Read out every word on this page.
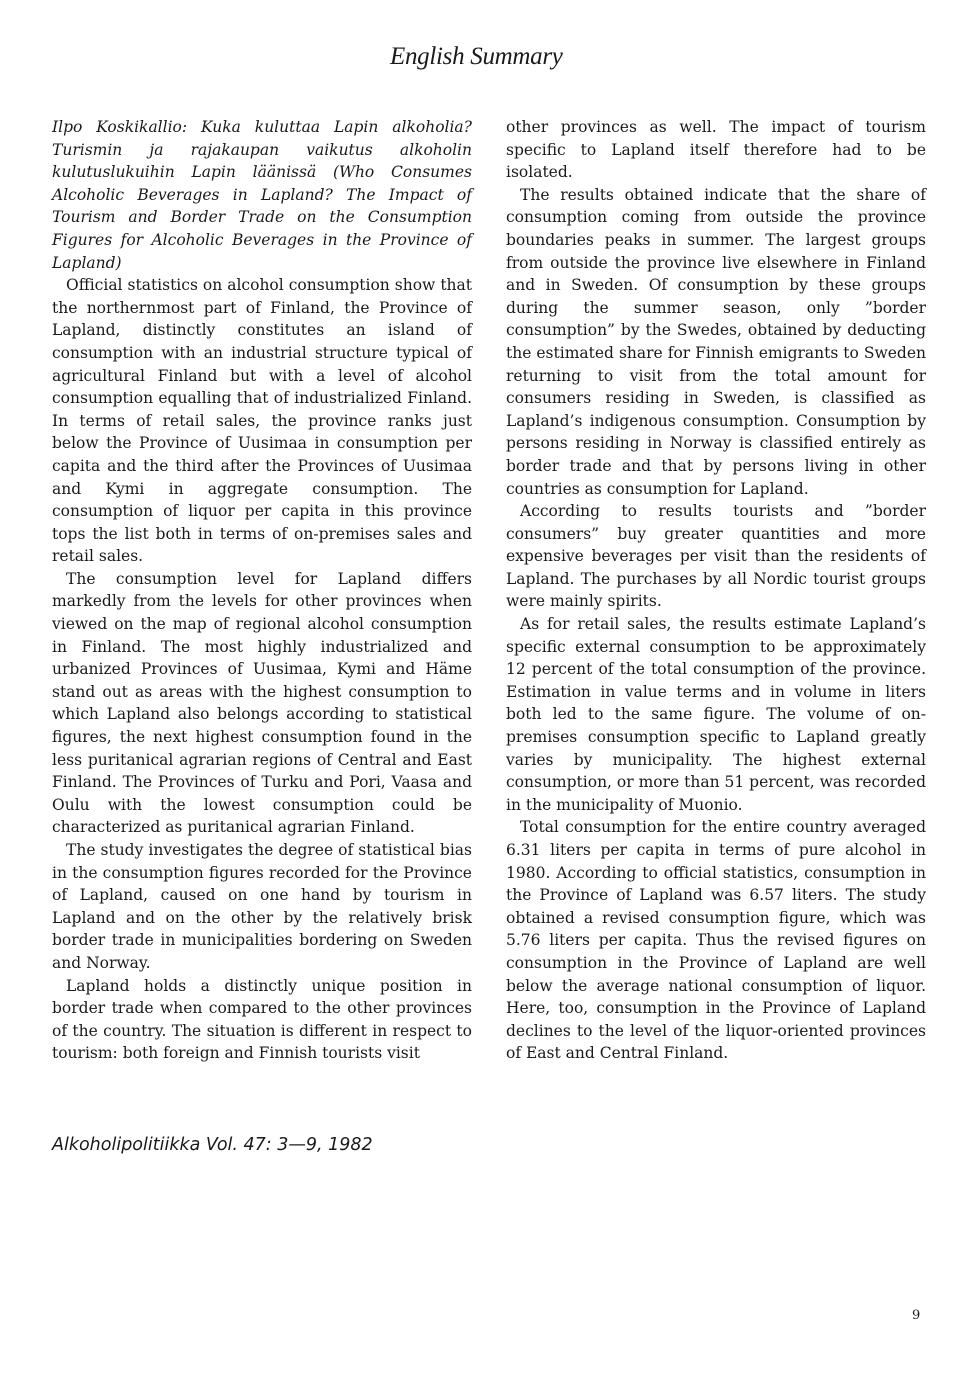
English Summary

Ilpo Koskikallio: Kuka kuluttaa Lapin alkoholia? Turismin ja rajakaupan vaikutus alkoholin kulutuslukuihin Lapin läänissä (Who Consumes Alcoholic Beverages in Lapland? The Impact of Tourism and Border Trade on the Consumption Figures for Alcoholic Beverages in the Province of Lapland)

Official statistics on alcohol consumption show that the northernmost part of Finland, the Province of Lapland, distinctly constitutes an island of consumption with an industrial structure typical of agricultural Finland but with a level of alcohol consumption equalling that of industrialized Finland. In terms of retail sales, the province ranks just below the Province of Uusimaa in consumption per capita and the third after the Provinces of Uusimaa and Kymi in aggregate consumption. The consumption of liquor per capita in this province tops the list both in terms of on-premises sales and retail sales.

The consumption level for Lapland differs markedly from the levels for other provinces when viewed on the map of regional alcohol consumption in Finland. The most highly industrialized and urbanized Provinces of Uusimaa, Kymi and Häme stand out as areas with the highest consumption to which Lapland also belongs according to statistical figures, the next highest consumption found in the less puritanical agrarian regions of Central and East Finland. The Provinces of Turku and Pori, Vaasa and Oulu with the lowest consumption could be characterized as puritanical agrarian Finland.

The study investigates the degree of statistical bias in the consumption figures recorded for the Province of Lapland, caused on one hand by tourism in Lapland and on the other by the relatively brisk border trade in municipalities bordering on Sweden and Norway.

Lapland holds a distinctly unique position in border trade when compared to the other provinces of the country. The situation is different in respect to tourism: both foreign and Finnish tourists visit

other provinces as well. The impact of tourism specific to Lapland itself therefore had to be isolated.

The results obtained indicate that the share of consumption coming from outside the province boundaries peaks in summer. The largest groups from outside the province live elsewhere in Finland and in Sweden. Of consumption by these groups during the summer season, only ”border consumption” by the Swedes, obtained by deducting the estimated share for Finnish emigrants to Sweden returning to visit from the total amount for consumers residing in Sweden, is classified as Lapland’s indigenous consumption. Consumption by persons residing in Norway is classified entirely as border trade and that by persons living in other countries as consumption for Lapland.

According to results tourists and ”border consumers” buy greater quantities and more expensive beverages per visit than the residents of Lapland. The purchases by all Nordic tourist groups were mainly spirits.

As for retail sales, the results estimate Lapland’s specific external consumption to be approximately 12 percent of the total consumption of the province. Estimation in value terms and in volume in liters both led to the same figure. The volume of on-premises consumption specific to Lapland greatly varies by municipality. The highest external consumption, or more than 51 percent, was recorded in the municipality of Muonio.

Total consumption for the entire country averaged 6.31 liters per capita in terms of pure alcohol in 1980. According to official statistics, consumption in the Province of Lapland was 6.57 liters. The study obtained a revised consumption figure, which was 5.76 liters per capita. Thus the revised figures on consumption in the Province of Lapland are well below the average national consumption of liquor. Here, too, consumption in the Province of Lapland declines to the level of the liquor-oriented provinces of East and Central Finland.

Alkoholipolitiikka Vol. 47: 3—9, 1982
9
